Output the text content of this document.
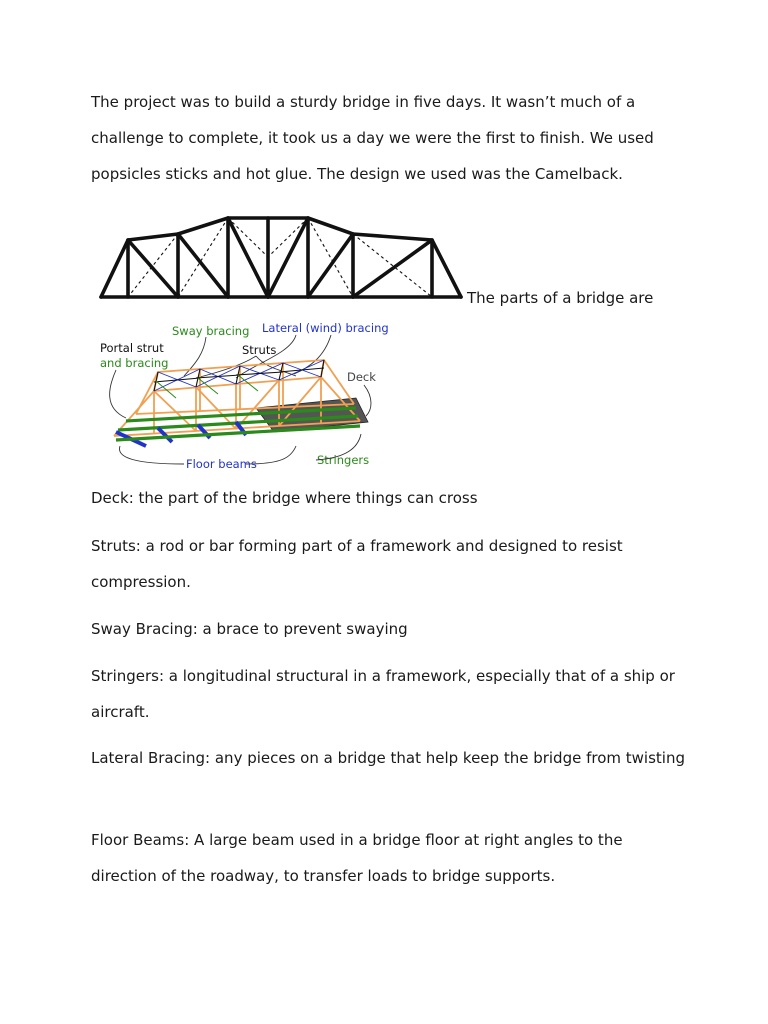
The project was to build a sturdy bridge in five days. It wasn’t much of a challenge to complete, it took us a day we were the first to finish. We used popsicles sticks and hot glue. The design we used was the Camelback.

The parts of a bridge are

Sway bracing Lateral (wind) bracing
Portal strut
and bracing
Struts
Deck
Floor beams	Stringers

Deck: the part of the bridge where things can cross

Struts: a rod or bar forming part of a framework and designed to resist compression.

Sway Bracing: a brace to prevent swaying

Stringers: a longitudinal structural in a framework, especially that of a ship or aircraft.

Lateral Bracing: any pieces on a bridge that help keep the bridge from twisting

Floor Beams: A large beam used in a bridge floor at right angles to the direction of the roadway, to transfer loads to bridge supports.
